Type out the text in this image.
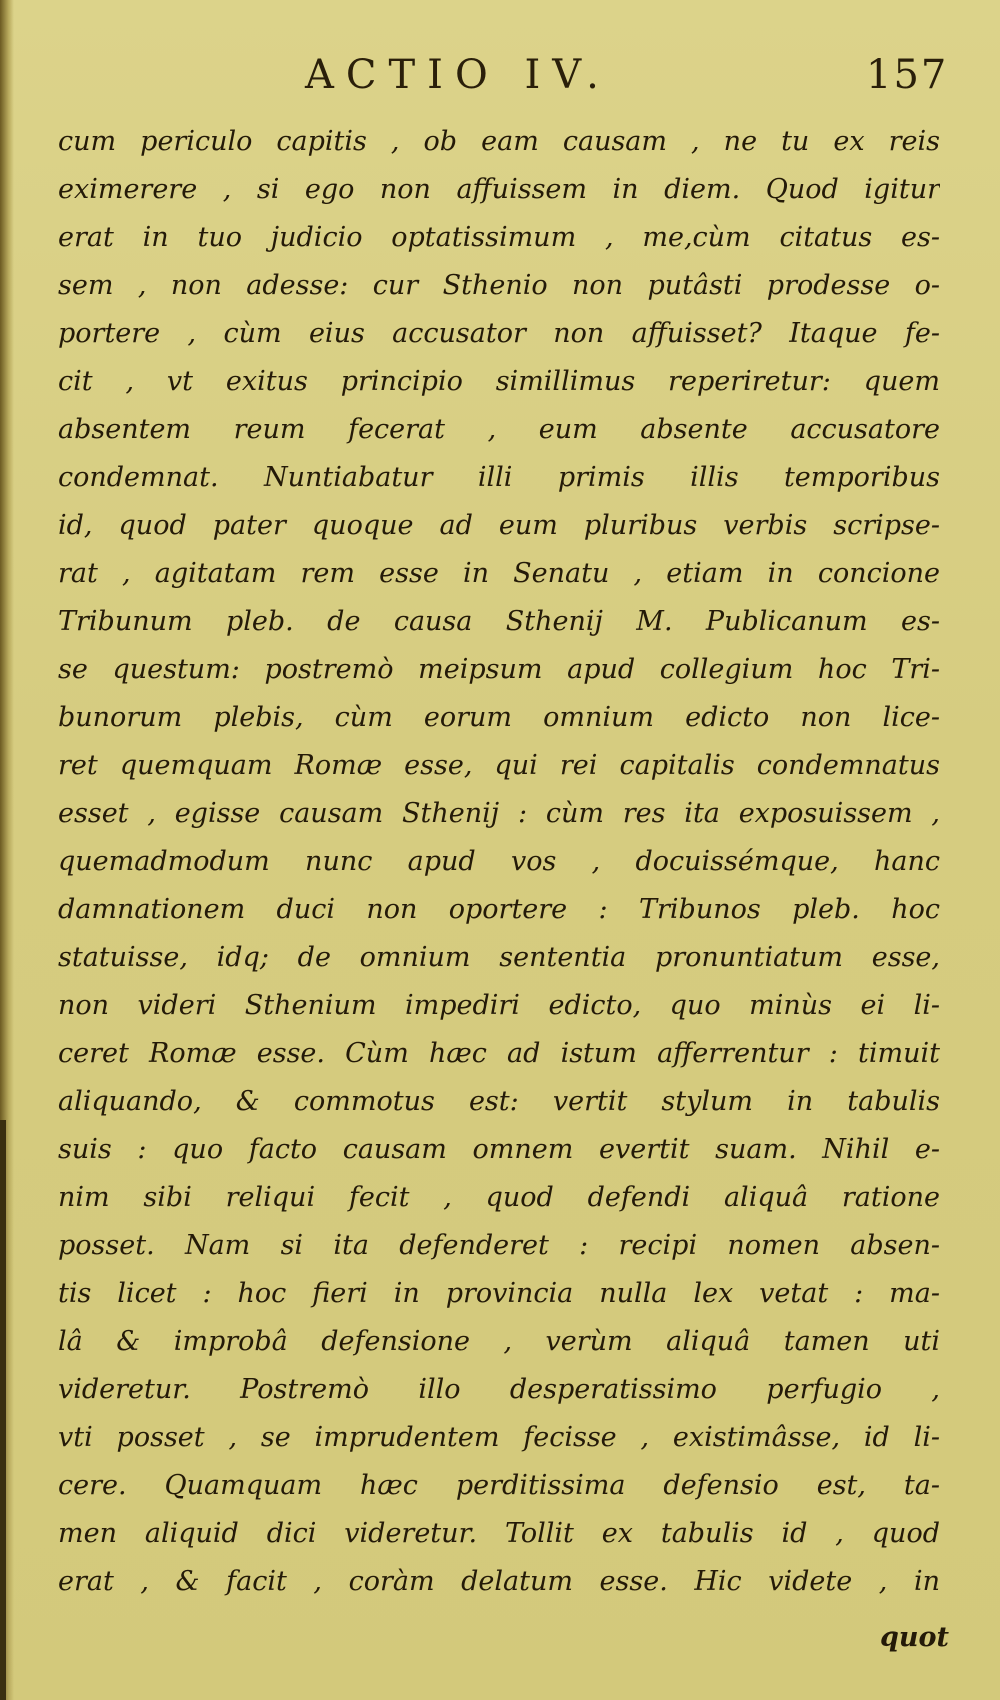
ACTIO IV.	157
cum periculo capitis , ob eam causam , ne tu ex reis
eximerere , si ego non affuissem in diem. Quod igitur
erat in tuo judicio optatissimum , me,cùm citatus es-
sem , non adesse: cur Sthenio non putâsti prodesse o-
portere , cùm eius accusator non affuisset? Itaque fe-
cit , vt exitus principio simillimus reperiretur: quem
absentem reum fecerat , eum absente accusatore
condemnat. Nuntiabatur illi primis illis temporibus
id, quod pater quoque ad eum pluribus verbis scripse-
rat , agitatam rem esse in Senatu , etiam in concione
Tribunum pleb. de causa Sthenij M. Publicanum es-
se questum: postremò meipsum apud collegium hoc Tri-
bunorum plebis, cùm eorum omnium edicto non lice-
ret quemquam Romæ esse, qui rei capitalis condemnatus
esset , egisse causam Sthenij : cùm res ita exposuissem ,
quemadmodum nunc apud vos , docuissémque, hanc
damnationem duci non oportere : Tribunos pleb. hoc
statuisse, idq; de omnium sententia pronuntiatum esse,
non videri Sthenium impediri edicto, quo minùs ei li-
ceret Romæ esse. Cùm hæc ad istum afferrentur : timuit
aliquando, & commotus est: vertit stylum in tabulis
suis : quo facto causam omnem evertit suam. Nihil e-
nim sibi reliqui fecit , quod defendi aliquâ ratione
posset. Nam si ita defenderet : recipi nomen absen-
tis licet : hoc fieri in provincia nulla lex vetat : ma-
lâ & improbâ defensione , verùm aliquâ tamen uti
videretur. Postremò illo desperatissimo perfugio ,
vti posset , se imprudentem fecisse , existimâsse, id li-
cere. Quamquam hæc perditissima defensio est, ta-
men aliquid dici videretur. Tollit ex tabulis id , quod
erat , & facit , coràm delatum esse. Hic videte , in
quot
